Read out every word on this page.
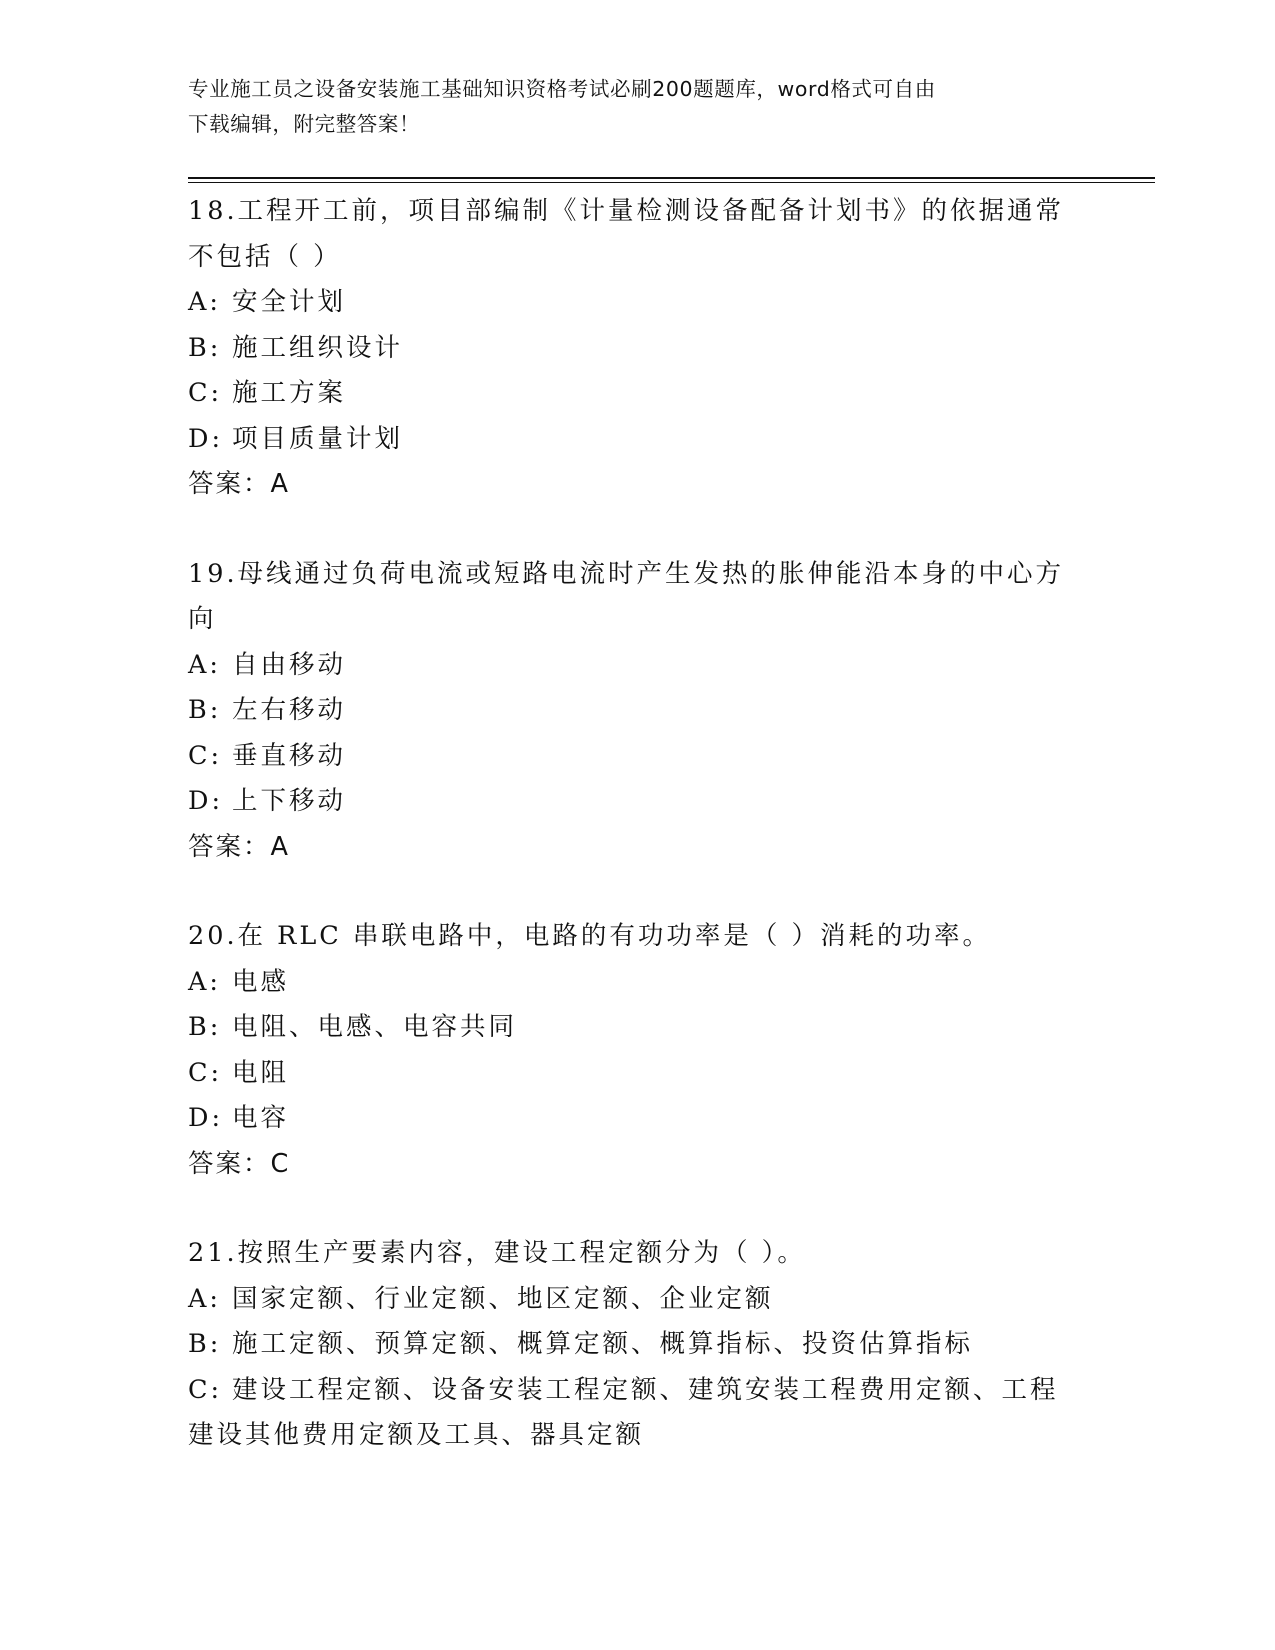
专业施工员之设备安装施工基础知识资格考试必刷200题题库，word格式可自由
下载编辑，附完整答案！
18.工程开工前，项目部编制《计量检测设备配备计划书》的依据通常
不包括（ ）
A: 安全计划
B: 施工组织设计
C: 施工方案
D: 项目质量计划
答案：A
19.母线通过负荷电流或短路电流时产生发热的胀伸能沿本身的中心方
向
A: 自由移动
B: 左右移动
C: 垂直移动
D: 上下移动
答案：A
20.在 RLC 串联电路中，电路的有功功率是（ ）消耗的功率。
A: 电感
B: 电阻、电感、电容共同
C: 电阻
D: 电容
答案：C
21.按照生产要素内容，建设工程定额分为（ ）。
A: 国家定额、行业定额、地区定额、企业定额
B: 施工定额、预算定额、概算定额、概算指标、投资估算指标
C: 建设工程定额、设备安装工程定额、建筑安装工程费用定额、工程
建设其他费用定额及工具、器具定额
